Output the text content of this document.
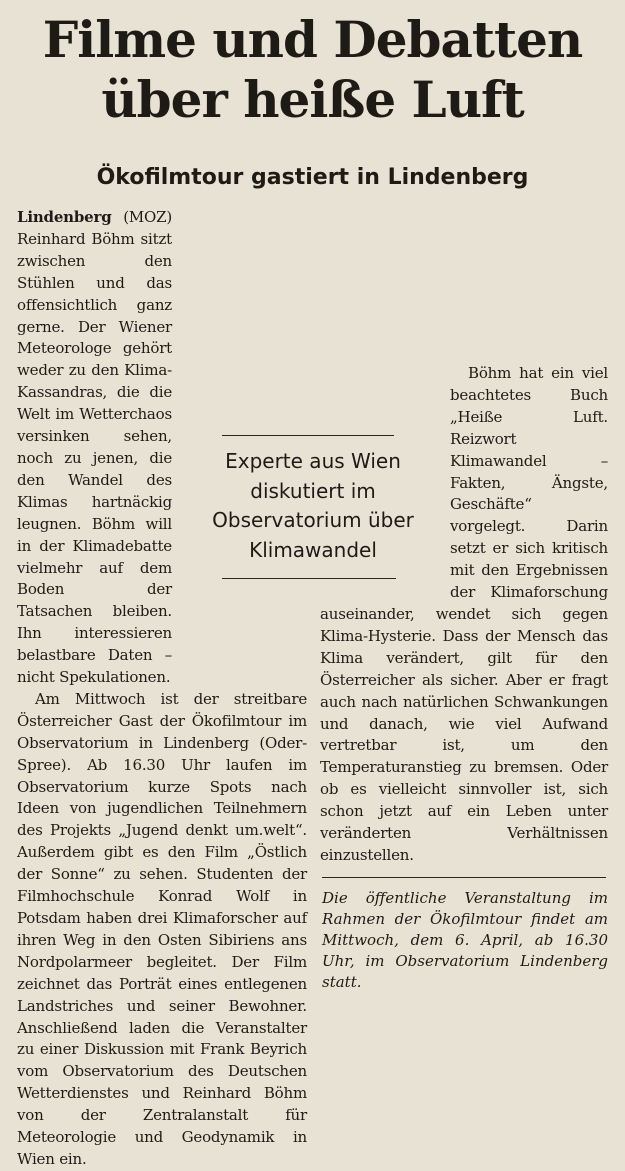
Filme und Debatten
über heiße Luft
Ökofilmtour gastiert in Lindenberg

Lindenberg (MOZ) Reinhard Böhm sitzt zwischen den Stühlen und das offensichtlich ganz gerne. Der Wiener Meteorologe gehört weder zu den Klima-Kassandras, die die Welt im Wetterchaos versinken sehen, noch zu jenen, die den Wandel des Klimas hartnäckig leugnen. Böhm will in der Klimadebatte vielmehr auf dem Boden der Tatsachen bleiben. Ihn interessieren belastbare Daten – nicht Spekulationen.

Am Mittwoch ist der streitbare Österreicher Gast der Ökofilmtour im Observatorium in Lindenberg (Oder-Spree). Ab 16.30 Uhr laufen im Observatorium kurze Spots nach Ideen von jugendlichen Teilnehmern des Projekts „Jugend denkt um.welt“. Außerdem gibt es den Film „Östlich der Sonne“ zu sehen. Studenten der Filmhochschule Konrad Wolf in Potsdam haben drei Klimaforscher auf ihren Weg in den Osten Sibiriens ans Nordpolarmeer begleitet. Der Film zeichnet das Porträt eines entlegenen Landstriches und seiner Bewohner. Anschließend laden die Veranstalter zu einer Diskussion mit Frank Beyrich vom Observatorium des Deutschen Wetterdienstes und Reinhard Böhm von der Zentralanstalt für Meteorologie und Geodynamik in Wien ein.

Böhm hat ein viel beachtetes Buch „Heiße Luft. Reizwort Klimawandel – Fakten, Ängste, Geschäfte“ vorgelegt. Darin setzt er sich kritisch mit den Ergebnissen der Klimaforschung auseinander, wendet sich gegen Klima-Hysterie. Dass der Mensch das Klima verändert, gilt für den Österreicher als sicher. Aber er fragt auch nach natürlichen Schwankungen und danach, wie viel Aufwand vertretbar ist, um den Temperaturanstieg zu bremsen. Oder ob es vielleicht sinnvoller ist, sich schon jetzt auf ein Leben unter veränderten Verhältnissen einzustellen.

Experte aus Wien
diskutiert im
Observatorium über
Klimawandel

Die öffentliche Veranstaltung im Rahmen der Ökofilmtour findet am Mittwoch, dem 6. April, ab 16.30 Uhr, im Observatorium Lindenberg statt.
